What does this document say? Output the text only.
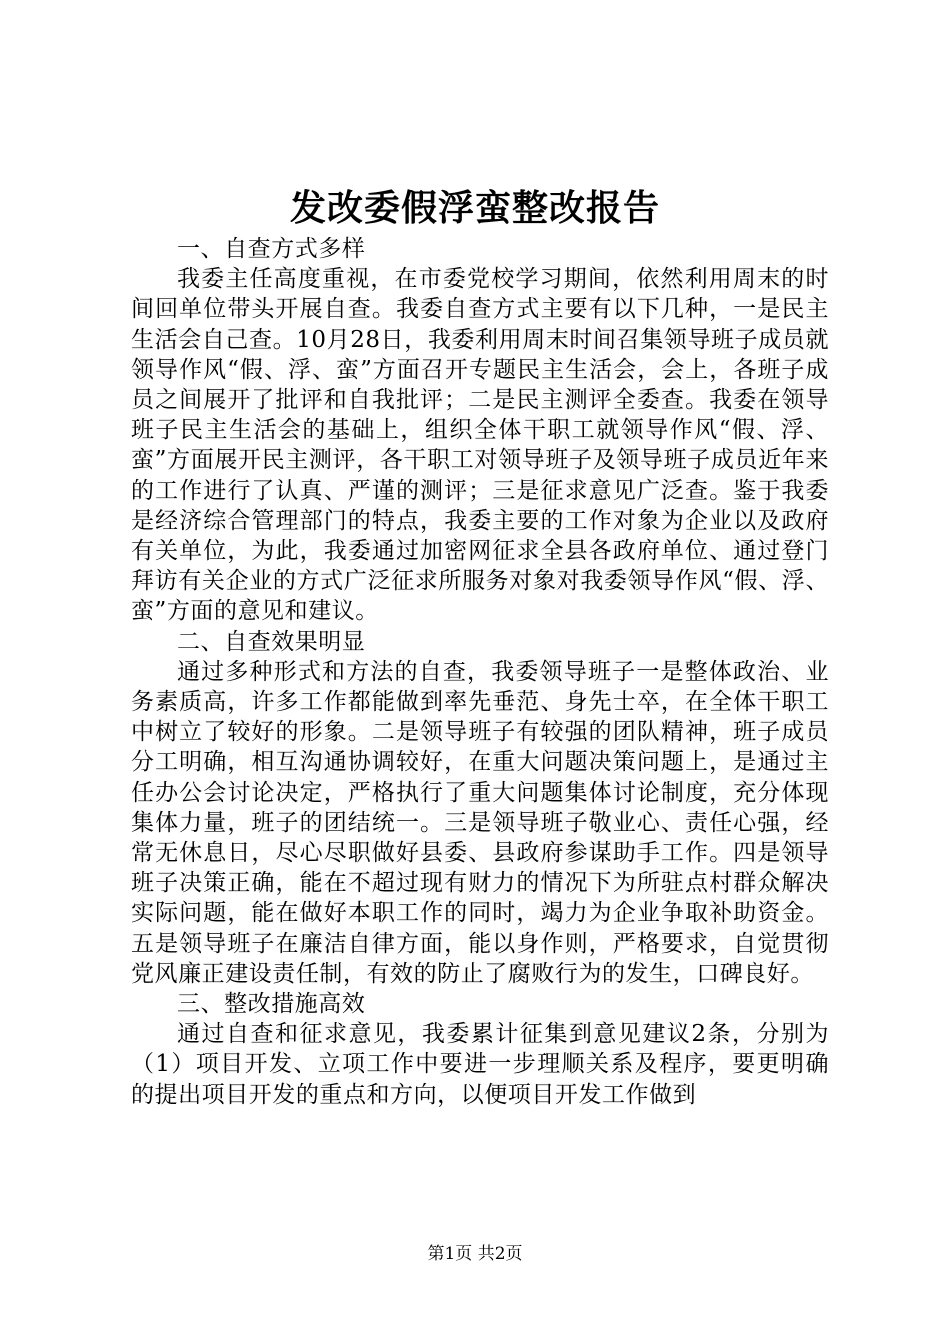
发改委假浮蛮整改报告

一、自查方式多样

我委主任高度重视，在市委党校学习期间，依然利用周末的时间回单位带头开展自查。我委自查方式主要有以下几种，一是民主生活会自己查。10月28日，我委利用周末时间召集领导班子成员就领导作风“假、浮、蛮”方面召开专题民主生活会，会上，各班子成员之间展开了批评和自我批评；二是民主测评全委查。我委在领导班子民主生活会的基础上，组织全体干职工就领导作风“假、浮、蛮”方面展开民主测评，各干职工对领导班子及领导班子成员近年来的工作进行了认真、严谨的测评；三是征求意见广泛查。鉴于我委是经济综合管理部门的特点，我委主要的工作对象为企业以及政府有关单位，为此，我委通过加密网征求全县各政府单位、通过登门拜访有关企业的方式广泛征求所服务对象对我委领导作风“假、浮、蛮”方面的意见和建议。

二、自查效果明显

通过多种形式和方法的自查，我委领导班子一是整体政治、业务素质高，许多工作都能做到率先垂范、身先士卒，在全体干职工中树立了较好的形象。二是领导班子有较强的团队精神，班子成员分工明确，相互沟通协调较好，在重大问题决策问题上，是通过主任办公会讨论决定，严格执行了重大问题集体讨论制度，充分体现集体力量，班子的团结统一。三是领导班子敬业心、责任心强，经常无休息日，尽心尽职做好县委、县政府参谋助手工作。四是领导班子决策正确，能在不超过现有财力的情况下为所驻点村群众解决实际问题，能在做好本职工作的同时，竭力为企业争取补助资金。五是领导班子在廉洁自律方面，能以身作则，严格要求，自觉贯彻党风廉正建设责任制，有效的防止了腐败行为的发生，口碑良好。

三、整改措施高效

通过自查和征求意见，我委累计征集到意见建议2条，分别为（1）项目开发、立项工作中要进一步理顺关系及程序，要更明确的提出项目开发的重点和方向，以便项目开发工作做到

第1页 共2页
